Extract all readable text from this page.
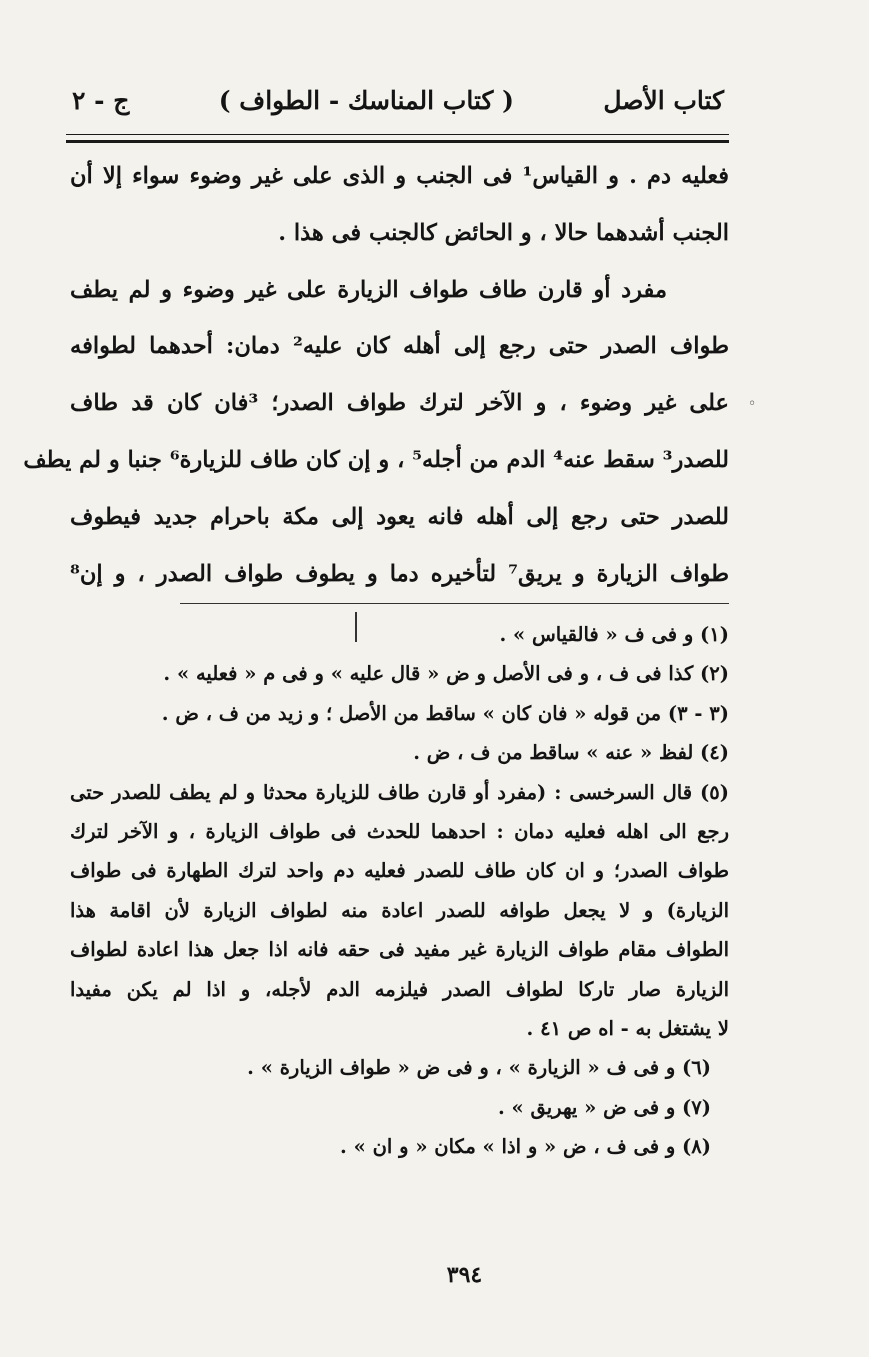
كتاب الأصل
( كتاب المناسك - الطواف )
ج - ٢
فعليه دم . و القياس¹ فى الجنب و الذى على غير وضوء سواء إلا أن
الجنب أشدهما حالا ، و الحائض كالجنب فى هذا .
مفرد أو قارن طاف طواف الزيارة على غير وضوء و لم يطف
طواف الصدر حتى رجع إلى أهله كان عليه² دمان: أحدهما لطوافه
على غير وضوء ، و الآخر لترك طواف الصدر؛ ³فان كان قد طاف
للصدر³ سقط عنه⁴ الدم من أجله⁵ ، و إن كان طاف للزيارة⁶ جنبا و لم يطف
للصدر حتى رجع إلى أهله فانه يعود إلى مكة باحرام جديد فيطوف
طواف الزيارة و يريق⁷ لتأخيره دما و يطوف طواف الصدر ، و إن⁸
◦
(١) و فى ف « فالقياس » .
(٢) كذا فى ف ، و فى الأصل و ض « قال عليه » و فى م « فعليه » .
(٣ - ٣) من قوله « فان كان » ساقط من الأصل ؛ و زيد من ف ، ض .
(٤) لفظ « عنه » ساقط من ف ، ض .
(٥) قال السرخسى : (مفرد أو قارن طاف للزيارة محدثا و لم يطف للصدر حتى
رجع الى اهله فعليه دمان : احدهما للحدث فى طواف الزيارة ، و الآخر لترك
طواف الصدر؛ و ان كان طاف للصدر فعليه دم واحد لترك الطهارة فى طواف
الزيارة) و لا يجعل طوافه للصدر اعادة منه لطواف الزيارة لأن اقامة هذا
الطواف مقام طواف الزيارة غير مفيد فى حقه فانه اذا جعل هذا اعادة لطواف
الزيارة صار تاركا لطواف الصدر فيلزمه الدم لأجله، و اذا لم يكن مفيدا
لا يشتغل به - اه ص ٤١ .
(٦) و فى ف « الزيارة » ، و فى ض « طواف الزيارة » .
(٧) و فى ض « يهريق » .
(٨) و فى ف ، ض « و اذا » مكان « و ان » .
٣٩٤
